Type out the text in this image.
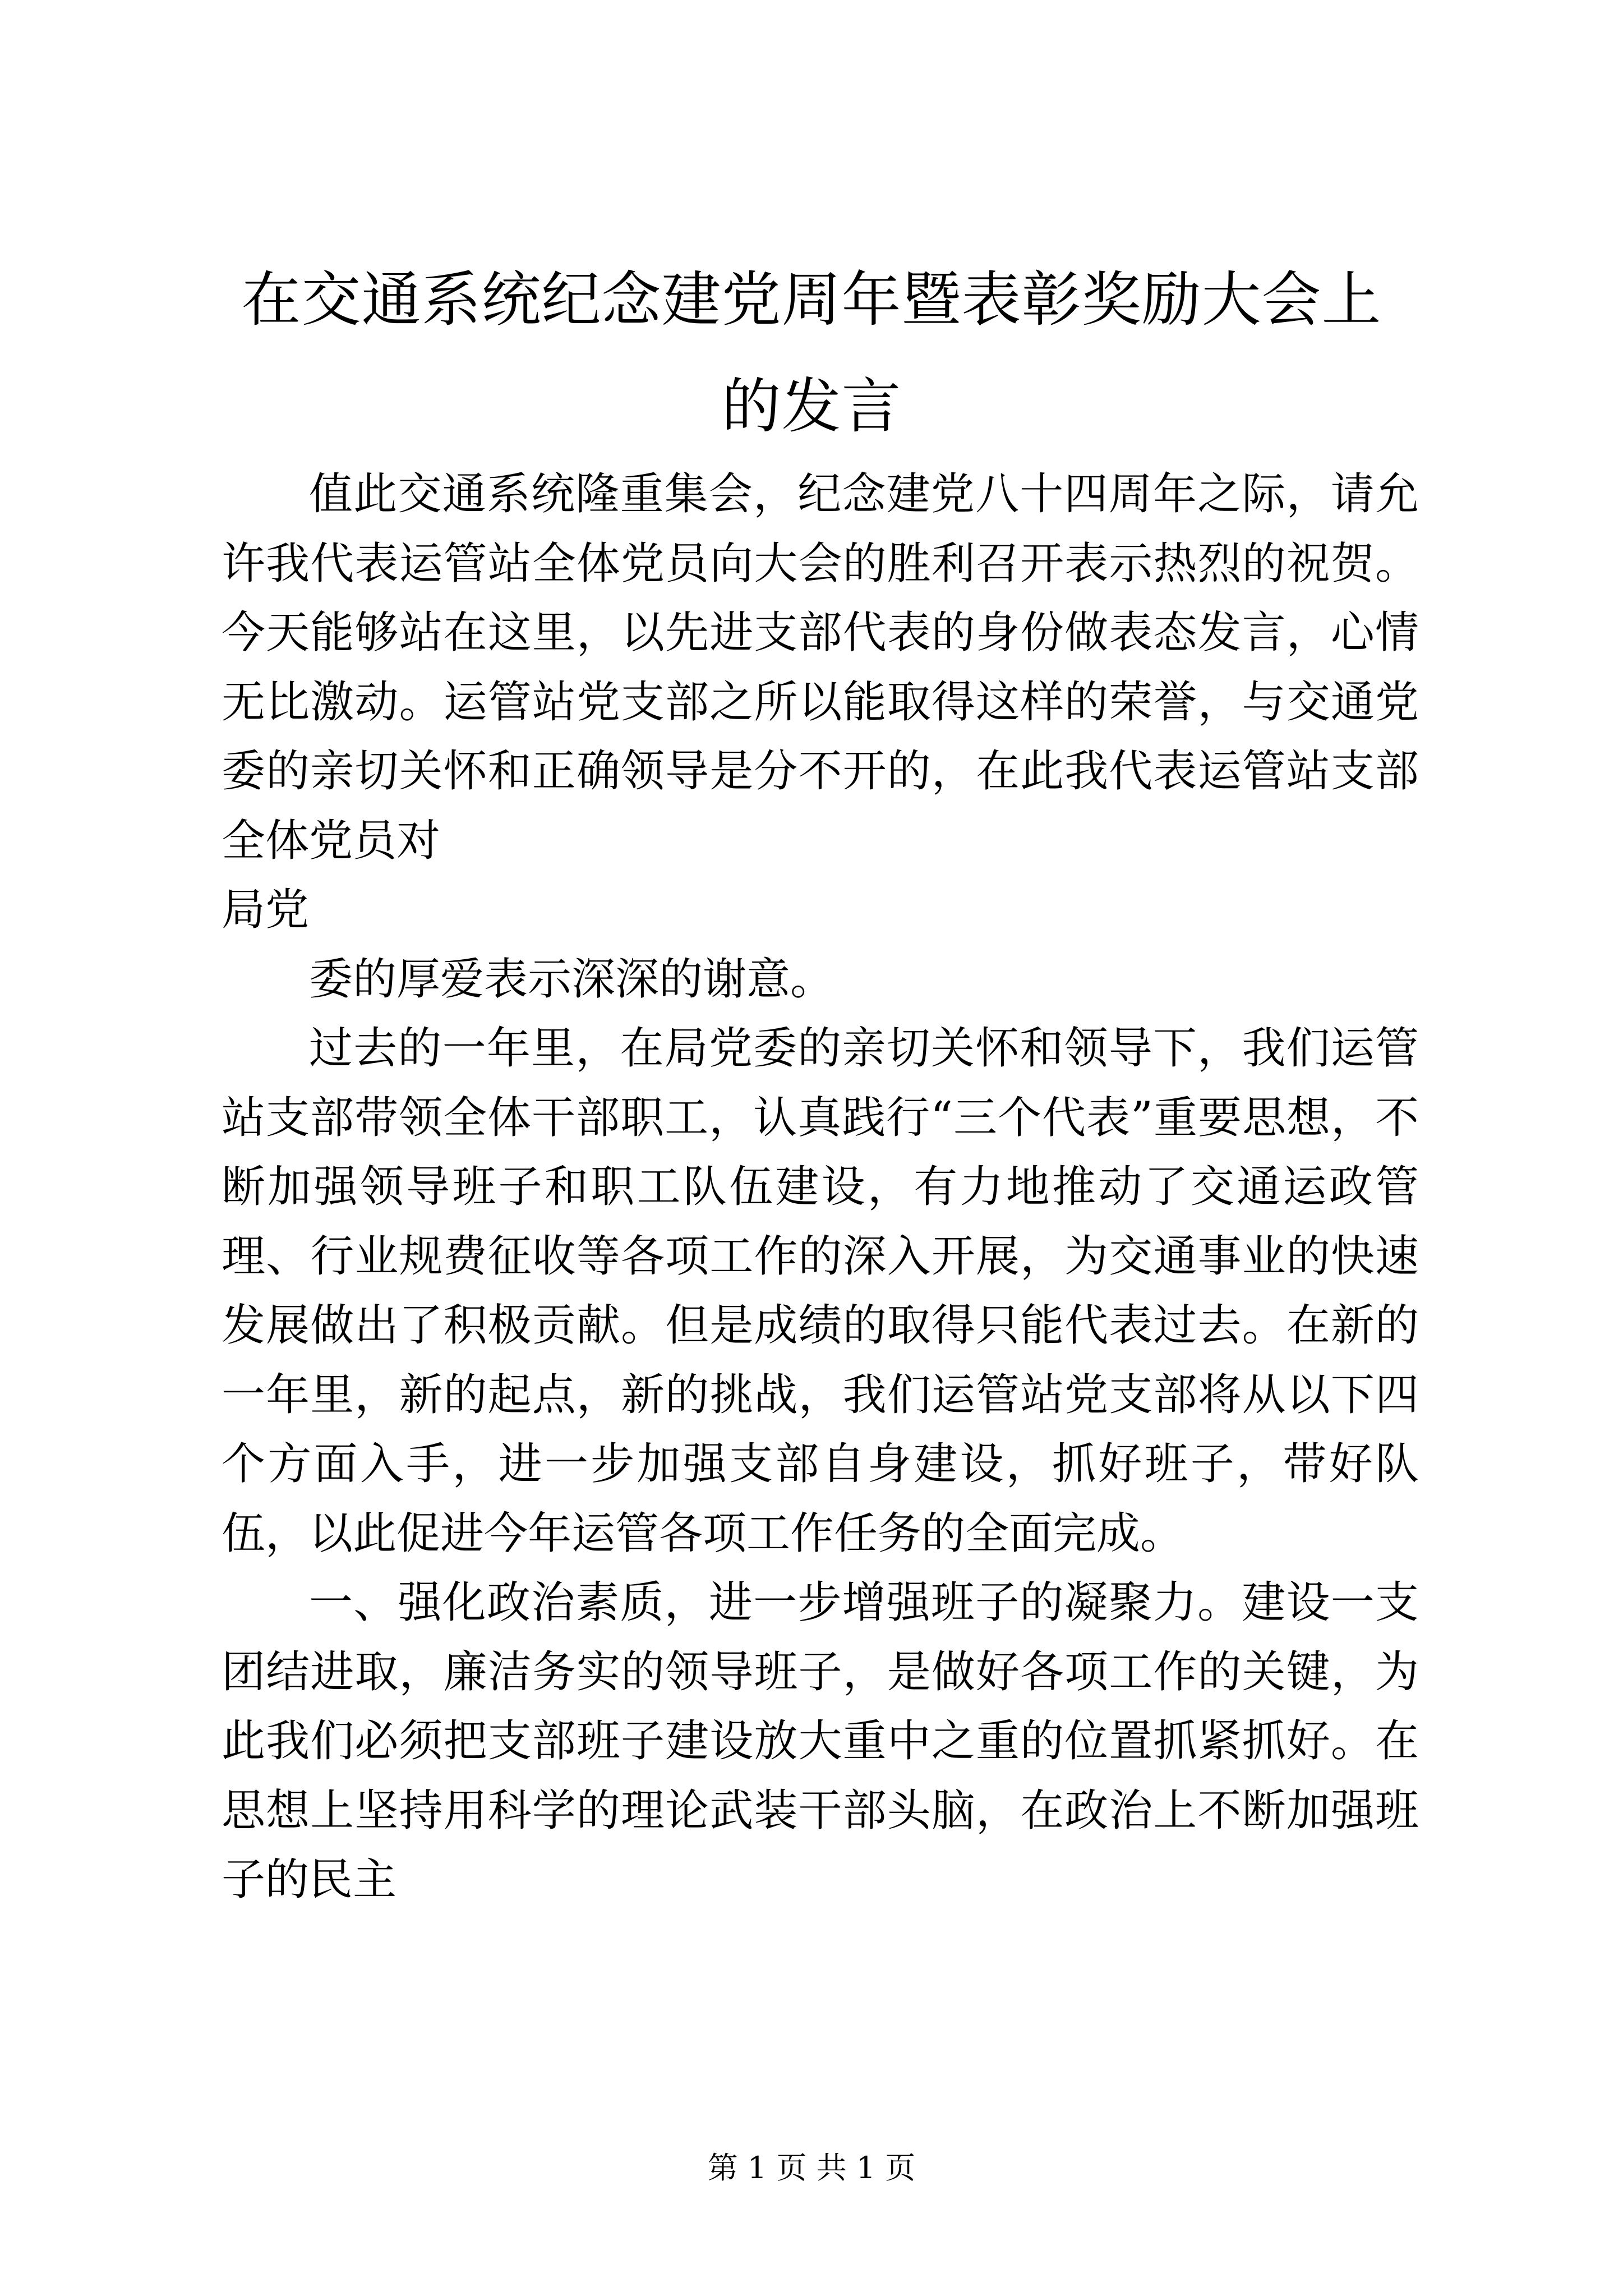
在交通系统纪念建党周年暨表彰奖励大会上的发言

值此交通系统隆重集会，纪念建党八十四周年之际，请允许我代表运管站全体党员向大会的胜利召开表示热烈的祝贺。今天能够站在这里，以先进支部代表的身份做表态发言，心情无比激动。运管站党支部之所以能取得这样的荣誉，与交通党委的亲切关怀和正确领导是分不开的，在此我代表运管站支部全体党员对

局党

委的厚爱表示深深的谢意。

过去的一年里，在局党委的亲切关怀和领导下，我们运管站支部带领全体干部职工，认真践行“三个代表”重要思想，不断加强领导班子和职工队伍建设，有力地推动了交通运政管理、行业规费征收等各项工作的深入开展，为交通事业的快速发展做出了积极贡献。但是成绩的取得只能代表过去。在新的一年里，新的起点，新的挑战，我们运管站党支部将从以下四个方面入手，进一步加强支部自身建设，抓好班子，带好队伍，以此促进今年运管各项工作任务的全面完成。

一、强化政治素质，进一步增强班子的凝聚力。建设一支团结进取，廉洁务实的领导班子，是做好各项工作的关键，为此我们必须把支部班子建设放大重中之重的位置抓紧抓好。在思想上坚持用科学的理论武装干部头脑，在政治上不断加强班子的民主

第 1 页 共 1 页
